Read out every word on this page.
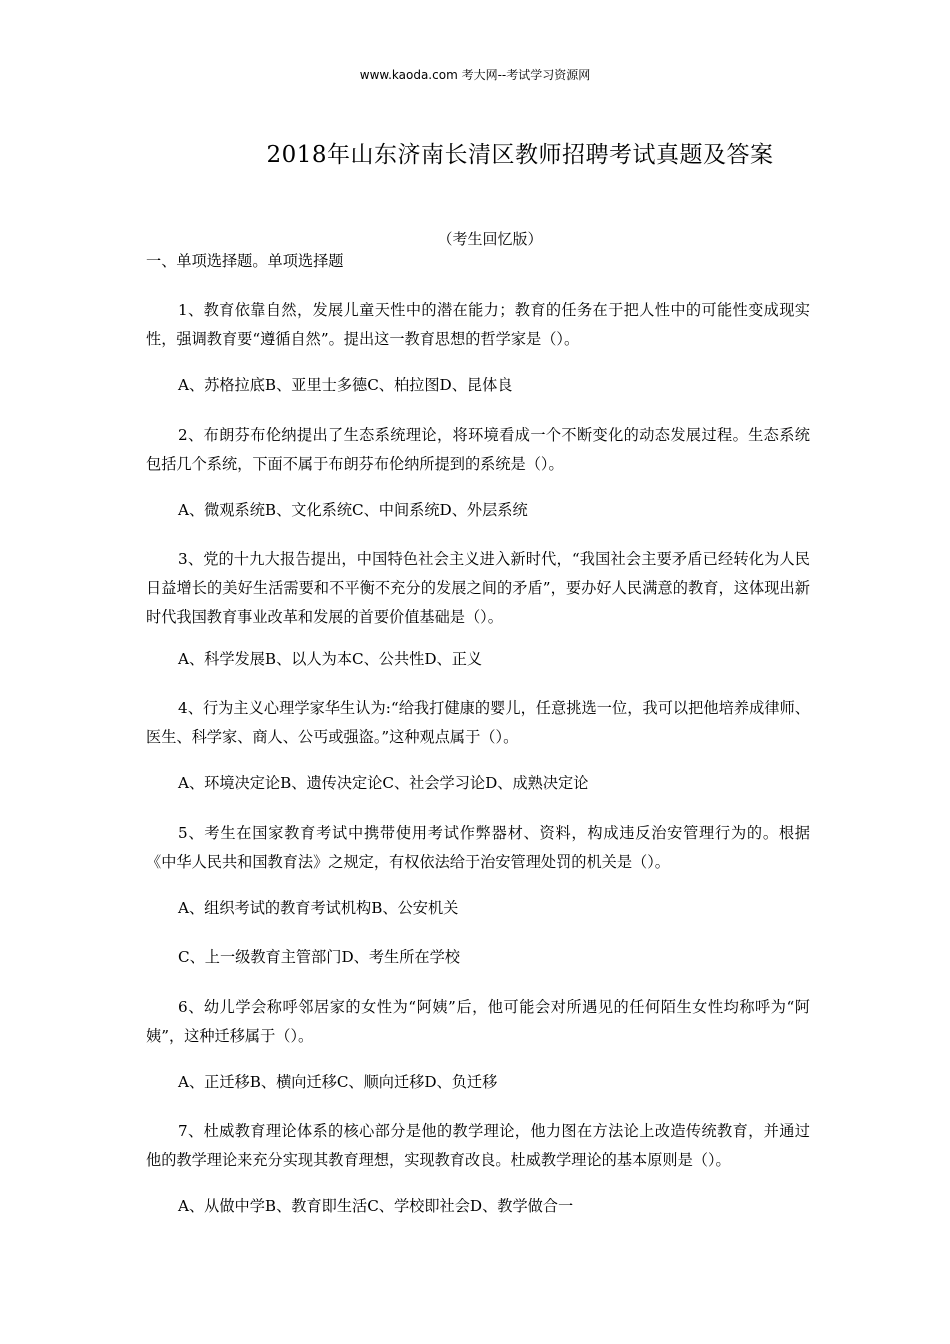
www.kaoda.com 考大网--考试学习资源网
2018年山东济南长清区教师招聘考试真题及答案
（考生回忆版）
一、单项选择题。单项选择题
1、教育依靠自然，发展儿童天性中的潜在能力；教育的任务在于把人性中的可能性变成现实性，强调教育要“遵循自然”。提出这一教育思想的哲学家是（）。
A、苏格拉底B、亚里士多德C、柏拉图D、昆体良
2、布朗芬布伦纳提出了生态系统理论，将环境看成一个不断变化的动态发展过程。生态系统包括几个系统，下面不属于布朗芬布伦纳所提到的系统是（）。
A、微观系统B、文化系统C、中间系统D、外层系统
3、党的十九大报告提出，中国特色社会主义进入新时代，“我国社会主要矛盾已经转化为人民日益增长的美好生活需要和不平衡不充分的发展之间的矛盾”，要办好人民满意的教育，这体现出新时代我国教育事业改革和发展的首要价值基础是（）。
A、科学发展B、以人为本C、公共性D、正义
4、行为主义心理学家华生认为:“给我打健康的婴儿，任意挑选一位，我可以把他培养成律师、医生、科学家、商人、公丐或强盗。”这种观点属于（）。
A、环境决定论B、遗传决定论C、社会学习论D、成熟决定论
5、考生在国家教育考试中携带使用考试作弊器材、资料，构成违反治安管理行为的。根据《中华人民共和国教育法》之规定，有权依法给于治安管理处罚的机关是（）。
A、组织考试的教育考试机构B、公安机关
C、上一级教育主管部门D、考生所在学校
6、幼儿学会称呼邻居家的女性为“阿姨”后，他可能会对所遇见的任何陌生女性均称呼为“阿姨”，这种迁移属于（）。
A、正迁移B、横向迁移C、顺向迁移D、负迁移
7、杜威教育理论体系的核心部分是他的教学理论，他力图在方法论上改造传统教育，并通过他的教学理论来充分实现其教育理想，实现教育改良。杜威教学理论的基本原则是（）。
A、从做中学B、教育即生活C、学校即社会D、教学做合一
